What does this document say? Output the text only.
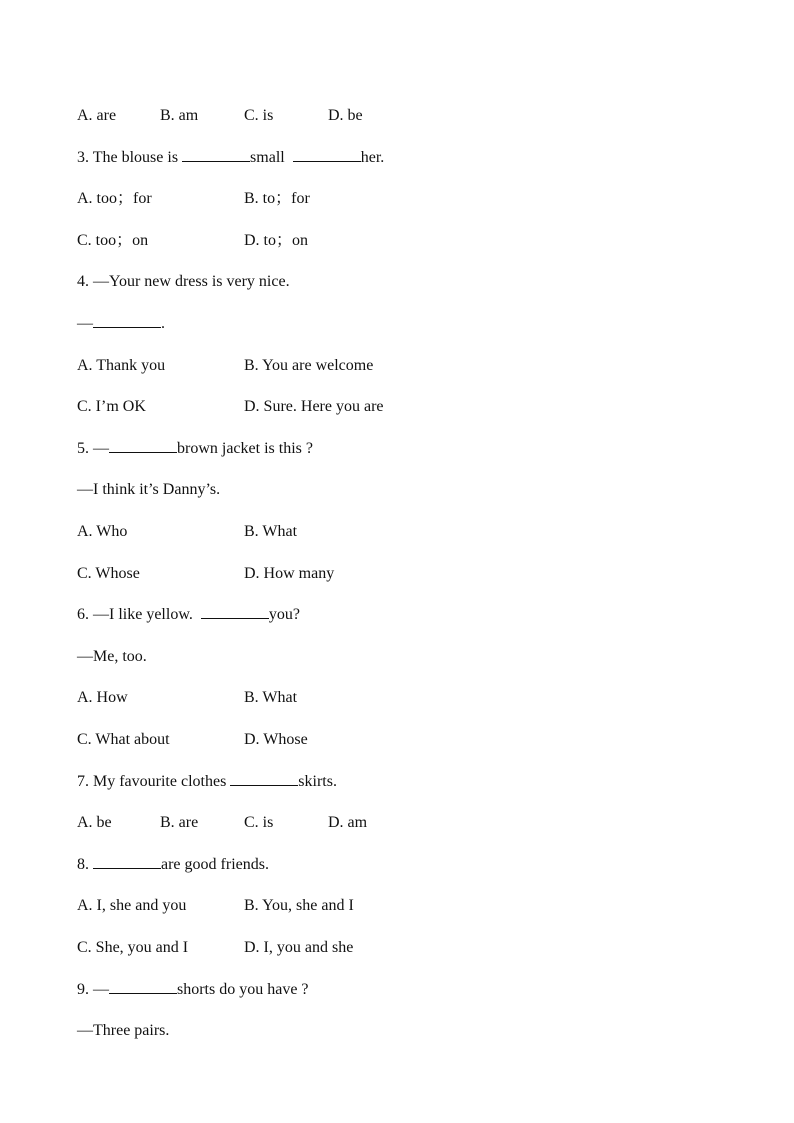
A. are

	B. am

	C. is

	D. be

3. The blouse is	small	her.

A. too；for

	B. to；for

C. too；on

	D. to；on

4. —Your new dress is very nice.
—	.

A. Thank you

	B. You are welcome

C. I’m OK

	D. Sure. Here you are

5. —	brown jacket is this ?
—I think it’s Danny’s.

A. Who

	B. What

C. Whose

	D. How many

6. —I like yellow.	you?
—Me, too.

A. How

	B. What

C. What about

	D. Whose

7. My favourite clothes	skirts.

A. be

	B. are

	C. is

	D. am

8.	are good friends.

A. I, she and you

	B. You, she and I

C. She, you and I

	D. I, you and she

9. —	shorts do you have ?
—Three pairs.
